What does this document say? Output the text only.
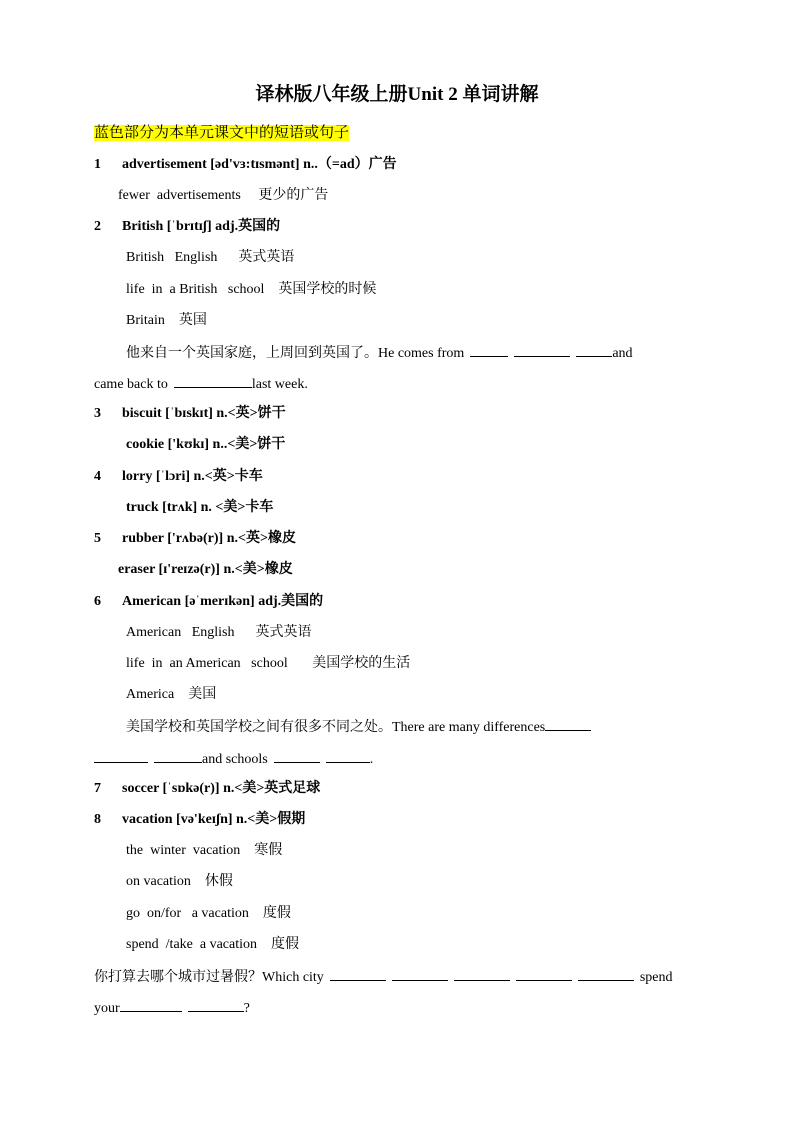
译林版八年级上册Unit 2 单词讲解
蓝色部分为本单元课文中的短语或句子
1 advertisement [əd'vɜ:tɪsmənt] n..（=ad）广告
fewer  advertisements     更少的广告
2 British [ˈbrɪtɪʃ] adj.英国的
British   English      英式英语
life  in  a British   school    英国学校的时候
Britain    英国
他来自一个英国家庭，上周回到英国了。He comes from	and
came back to	last week.
3 biscuit [ˈbɪskɪt] n.<英>饼干
cookie ['kʊkɪ] n..<美>饼干
4 lorry [ˈlɔri] n.<英>卡车
truck [trʌk] n. <美>卡车
5 rubber ['rʌbə(r)] n.<英>橡皮
eraser [ɪ'reɪzə(r)] n.<美>橡皮
6 American [əˈmerɪkən] adj.美国的
American   English      英式英语
life  in  an American   school       美国学校的生活
America    美国
美国学校和英国学校之间有很多不同之处。There are many differences
and schools	.
7 soccer [ˈsɒkə(r)] n.<美>英式足球
8 vacation [və'keɪʃn] n.<美>假期
the  winter  vacation    寒假
on vacation    休假
go  on/for   a vacation    度假
spend  /take  a vacation    度假
你打算去哪个城市过暑假？Which city	spend
your	?
